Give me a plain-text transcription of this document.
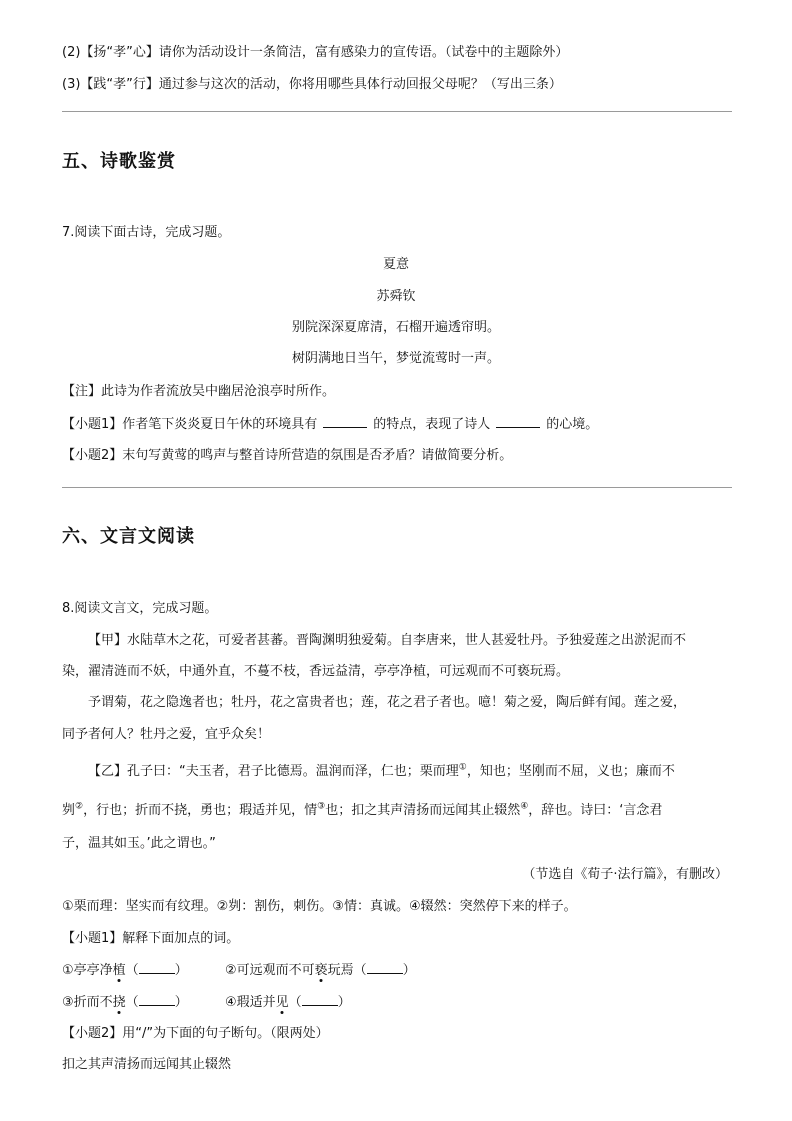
(2)【扬“孝”心】请你为活动设计一条简洁，富有感染力的宣传语。（试卷中的主题除外）
(3)【践“孝”行】通过参与这次的活动，你将用哪些具体行动回报父母呢？（写出三条）
五、诗歌鉴赏
7.阅读下面古诗，完成习题。
夏意
苏舜钦
别院深深夏席清，石榴开遍透帘明。
树阴满地日当午，梦觉流莺时一声。
【注】此诗为作者流放吴中幽居沧浪亭时所作。
【小题1】作者笔下炎炎夏日午休的环境具有	的特点，表现了诗人	的心境。
【小题2】末句写黄莺的鸣声与整首诗所营造的氛围是否矛盾？请做简要分析。
六、文言文阅读
8.阅读文言文，完成习题。
【甲】水陆草木之花，可爱者甚蕃。晋陶渊明独爱菊。自李唐来，世人甚爱牡丹。予独爱莲之出淤泥而不
染，濯清涟而不妖，中通外直，不蔓不枝，香远益清，亭亭净植，可远观而不可亵玩焉。
予谓菊，花之隐逸者也；牡丹，花之富贵者也；莲，花之君子者也。噫！菊之爱，陶后鲜有闻。莲之爱，
同予者何人？牡丹之爱，宜乎众矣！
【乙】孔子曰：“夫玉者，君子比德焉。温润而泽，仁也；栗而理①，知也；坚刚而不屈，义也；廉而不
刿②，行也；折而不挠，勇也；瑕适并见，情③也；扣之其声清扬而远闻其止辍然④，辞也。诗曰：‘言念君
子，温其如玉。’此之谓也。”
（节选自《荀子·法行篇》，有删改）
①栗而理：坚实而有纹理。②刿：割伤，刺伤。③情：真诚。④辍然：突然停下来的样子。
【小题1】解释下面加点的词。
①亭亭净植（	）	②可远观而不可亵玩焉（	）
③折而不挠（	）	④瑕适并见（	）
【小题2】用“/”为下面的句子断句。（限两处）
扣之其声清扬而远闻其止辍然
